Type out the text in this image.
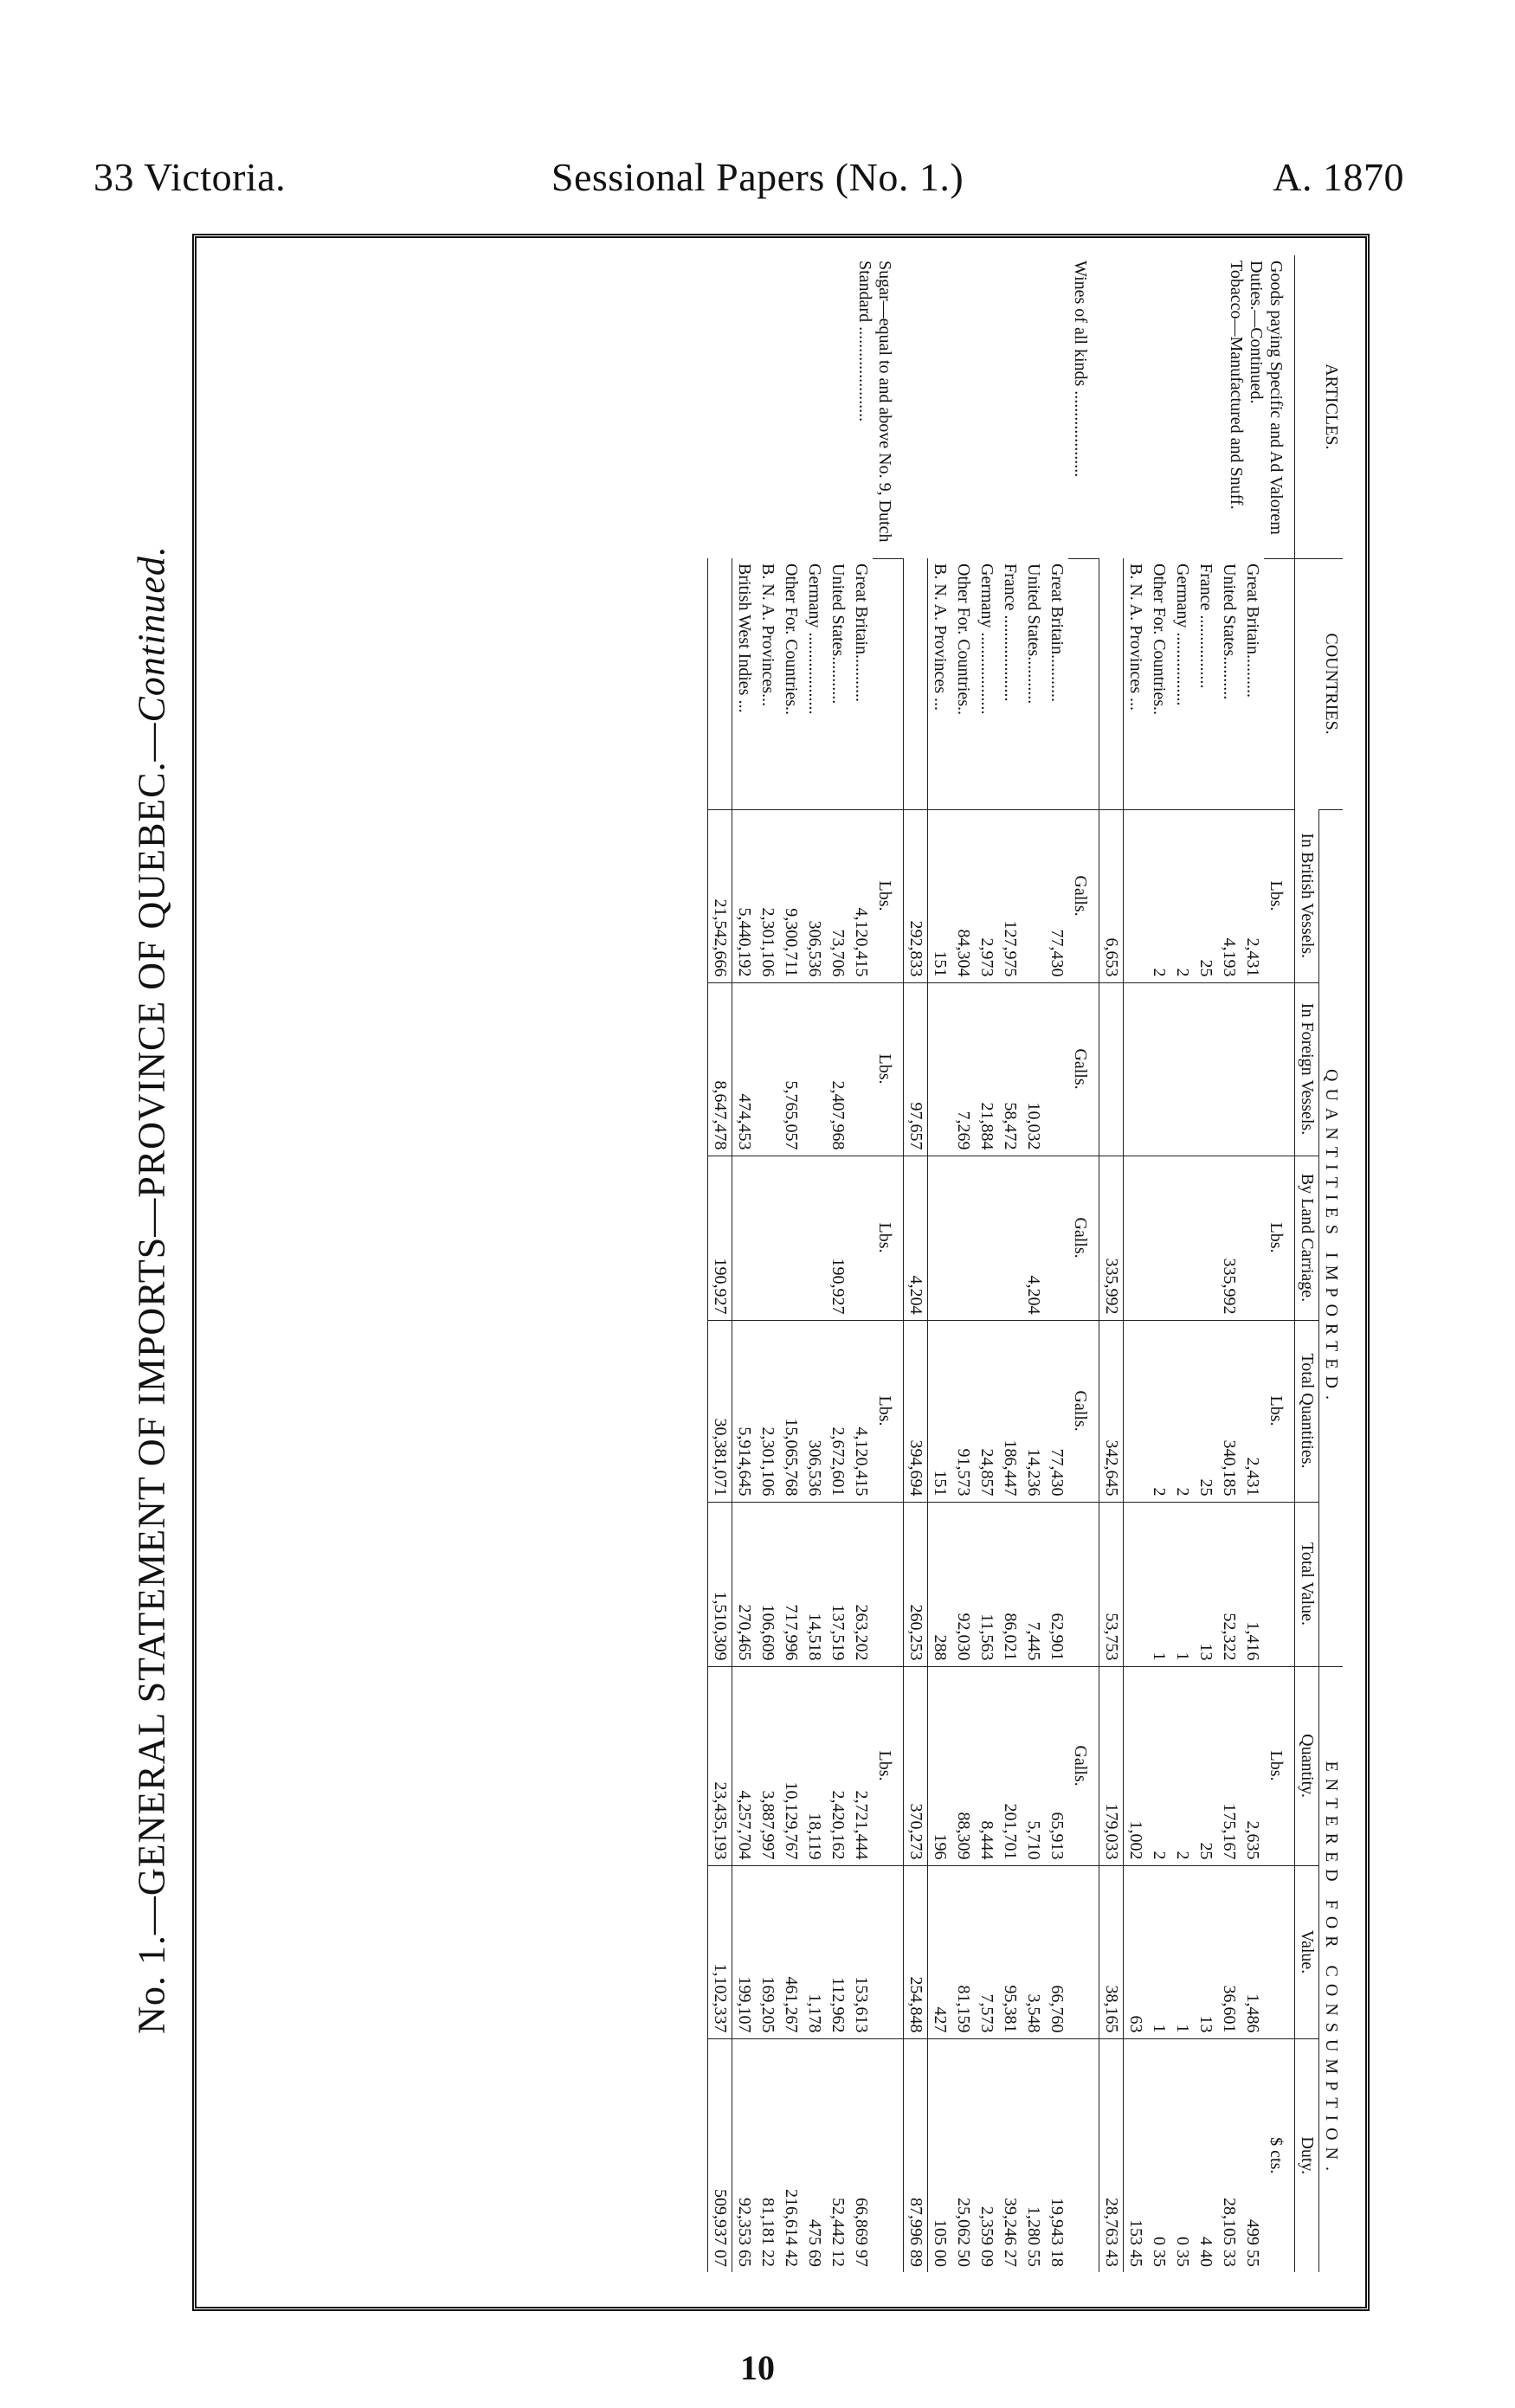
33 Victoria.	Sessional Papers (No. 1.)	A. 1870
No. 1.—GENERAL STATEMENT OF IMPORTS—PROVINCE OF QUEBEC.—Continued.
ARTICLES.	COUNTRIES.	QUANTITIES IMPORTED.					ENTERED FOR CONSUMPTION.		
		In British Vessels.	In Foreign Vessels.	By Land Carriage.	Total Quantities.	Total Value.	Quantity.	Value.	Duty.
Goods paying Specific and Ad Valorem Duties.—Continued.
Tobacco—Manufactured and Snuff.		Lbs.		Lbs.	Lbs.		Lbs.		$ cts.
	Great Britain..........	2,431			2,431	1,416	2,635	1,486	499 55
	United States..........	4,193		335,992	340,185	52,322	175,167	36,601	28,105 33
	France .................	25			25	13	25	13	4 40
	Germany .................	2			2	1	2	1	0 35
	Other For. Countries..	2			2	1	2	1	0 35
	B. N. A. Provinces ...						1,002	63	153 45
		6,653		335,992	342,645	53,753	179,033	38,165	28,763 43
Wines of all kinds ....................		Galls.	Galls.	Galls.	Galls.		Galls.		
	Great Britain...........	77,430			77,430	62,901	65,913	66,760	19,943 18
	United States...........		10,032	4,204	14,236	7,445	5,710	3,548	1,280 55
	France ....................	127,975	58,472		186,447	86,021	201,701	95,381	39,246 27
	Germany ...................	2,973	21,884		24,857	11,563	8,444	7,573	2,359 09
	Other For. Countries..	84,304	7,269		91,573	92,030	88,309	81,159	25,062 50
	B. N. A. Provinces ...	151			151	288	196	427	105 00
		292,833	97,657	4,204	394,694	260,253	370,273	254,848	87,996 89
Sugar—equal to and above No. 9, Dutch Standard ......................		Lbs.	Lbs.	Lbs.	Lbs.		Lbs.		
	Great Britain...........	4,120,415			4,120,415	263,202	2,721,444	153,613	66,869 97
	United States...........	73,706	2,407,968	190,927	2,672,601	137,519	2,420,162	112,962	52,442 12
	Germany ...................	306,536			306,536	14,518	18,119	1,178	475 69
	Other For. Countries..	9,300,711	5,765,057		15,065,768	717,996	10,129,767	461,267	216,614 42
	B. N. A. Provinces...	2,301,106			2,301,106	106,609	3,887,997	169,205	81,181 22
	British West Indies ...	5,440,192	474,453		5,914,645	270,465	4,257,704	199,107	92,353 65
		21,542,666	8,647,478	190,927	30,381,071	1,510,309	23,435,193	1,102,337	509,937 07
10
